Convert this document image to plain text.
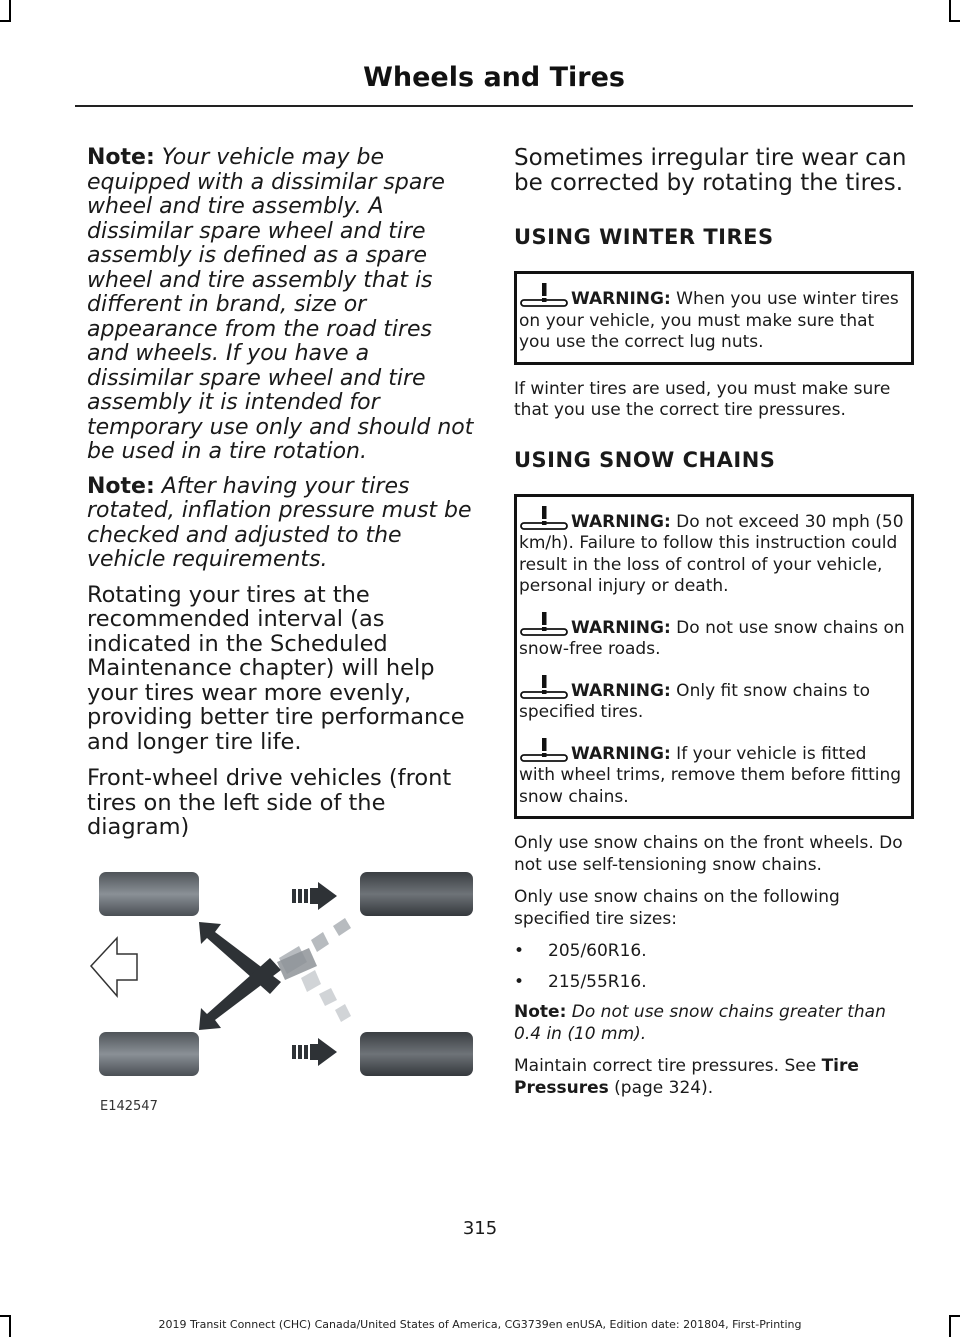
Wheels and Tires

Note: Your vehicle may be equipped with a dissimilar spare wheel and tire assembly. A dissimilar spare wheel and tire assembly is defined as a spare wheel and tire assembly that is different in brand, size or appearance from the road tires and wheels. If you have a dissimilar spare wheel and tire assembly it is intended for temporary use only and should not be used in a tire rotation.

Note: After having your tires rotated, inflation pressure must be checked and adjusted to the vehicle requirements.

Rotating your tires at the recommended interval (as indicated in the Scheduled Maintenance chapter) will help your tires wear more evenly, providing better tire performance and longer tire life.

Front-wheel drive vehicles (front tires on the left side of the diagram)

E142547

Sometimes irregular tire wear can be corrected by rotating the tires.

USING WINTER TIRES
WARNING: When you use winter tires on your vehicle, you must make sure that you use the correct lug nuts.

If winter tires are used, you must make sure that you use the correct tire pressures.

USING SNOW CHAINS
WARNING: Do not exceed 30 mph (50 km/h). Failure to follow this instruction could result in the loss of control of your vehicle, personal injury or death.
WARNING: Do not use snow chains on snow-free roads.
WARNING: Only fit snow chains to specified tires.
WARNING: If your vehicle is fitted with wheel trims, remove them before fitting snow chains.

Only use snow chains on the front wheels. Do not use self-tensioning snow chains.

Only use snow chains on the following specified tire sizes:

•	205/60R16.
•	215/55R16.

Note: Do not use snow chains greater than 0.4 in (10 mm).

Maintain correct tire pressures. See Tire Pressures (page 324).

315
2019 Transit Connect (CHC) Canada/United States of America, CG3739en enUSA, Edition date: 201804, First-Printing
